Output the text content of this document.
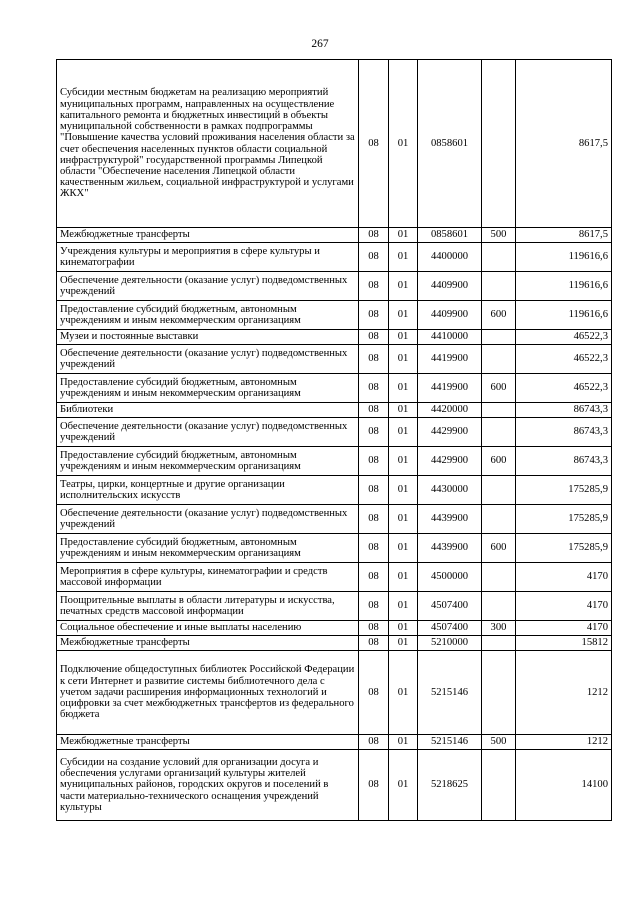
267
Субсидии местным бюджетам на реализацию мероприятий муниципальных программ, направленных на осуществление капитального ремонта и бюджетных инвестиций в объекты муниципальной собственности в рамках подпрограммы "Повышение качества условий проживания населения области за счет обеспечения населенных пунктов области социальной инфраструктурой" государственной программы Липецкой области "Обеспечение населения Липецкой области качественным жильем, социальной инфраструктурой и услугами ЖКХ"	08	01	0858601		8617,5
Межбюджетные трансферты	08	01	0858601	500	8617,5
Учреждения культуры и мероприятия в сфере культуры и кинематографии	08	01	4400000		119616,6
Обеспечение деятельности (оказание услуг) подведомственных учреждений	08	01	4409900		119616,6
Предоставление субсидий бюджетным, автономным учреждениям и иным некоммерческим организациям	08	01	4409900	600	119616,6
Музеи и постоянные выставки	08	01	4410000		46522,3
Обеспечение деятельности (оказание услуг) подведомственных учреждений	08	01	4419900		46522,3
Предоставление субсидий бюджетным, автономным учреждениям и иным некоммерческим организациям	08	01	4419900	600	46522,3
Библиотеки	08	01	4420000		86743,3
Обеспечение деятельности (оказание услуг) подведомственных учреждений	08	01	4429900		86743,3
Предоставление субсидий бюджетным, автономным учреждениям и иным некоммерческим организациям	08	01	4429900	600	86743,3
Театры, цирки, концертные и другие организации исполнительских искусств	08	01	4430000		175285,9
Обеспечение деятельности (оказание услуг) подведомственных учреждений	08	01	4439900		175285,9
Предоставление субсидий бюджетным, автономным учреждениям и иным некоммерческим организациям	08	01	4439900	600	175285,9
Мероприятия в сфере культуры, кинематографии и средств массовой информации	08	01	4500000		4170
Поощрительные выплаты в области литературы и искусства, печатных средств массовой информации	08	01	4507400		4170
Социальное обеспечение и иные выплаты населению	08	01	4507400	300	4170
Межбюджетные трансферты	08	01	5210000		15812
Подключение общедоступных библиотек Российской Федерации к сети Интернет и развитие системы библиотечного дела с учетом задачи расширения информационных технологий и оцифровки за счет межбюджетных трансфертов из федерального бюджета	08	01	5215146		1212
Межбюджетные трансферты	08	01	5215146	500	1212
Субсидии на создание условий для организации досуга и обеспечения услугами организаций культуры жителей муниципальных районов, городских округов и поселений в части материально-технического оснащения учреждений культуры	08	01	5218625		14100
